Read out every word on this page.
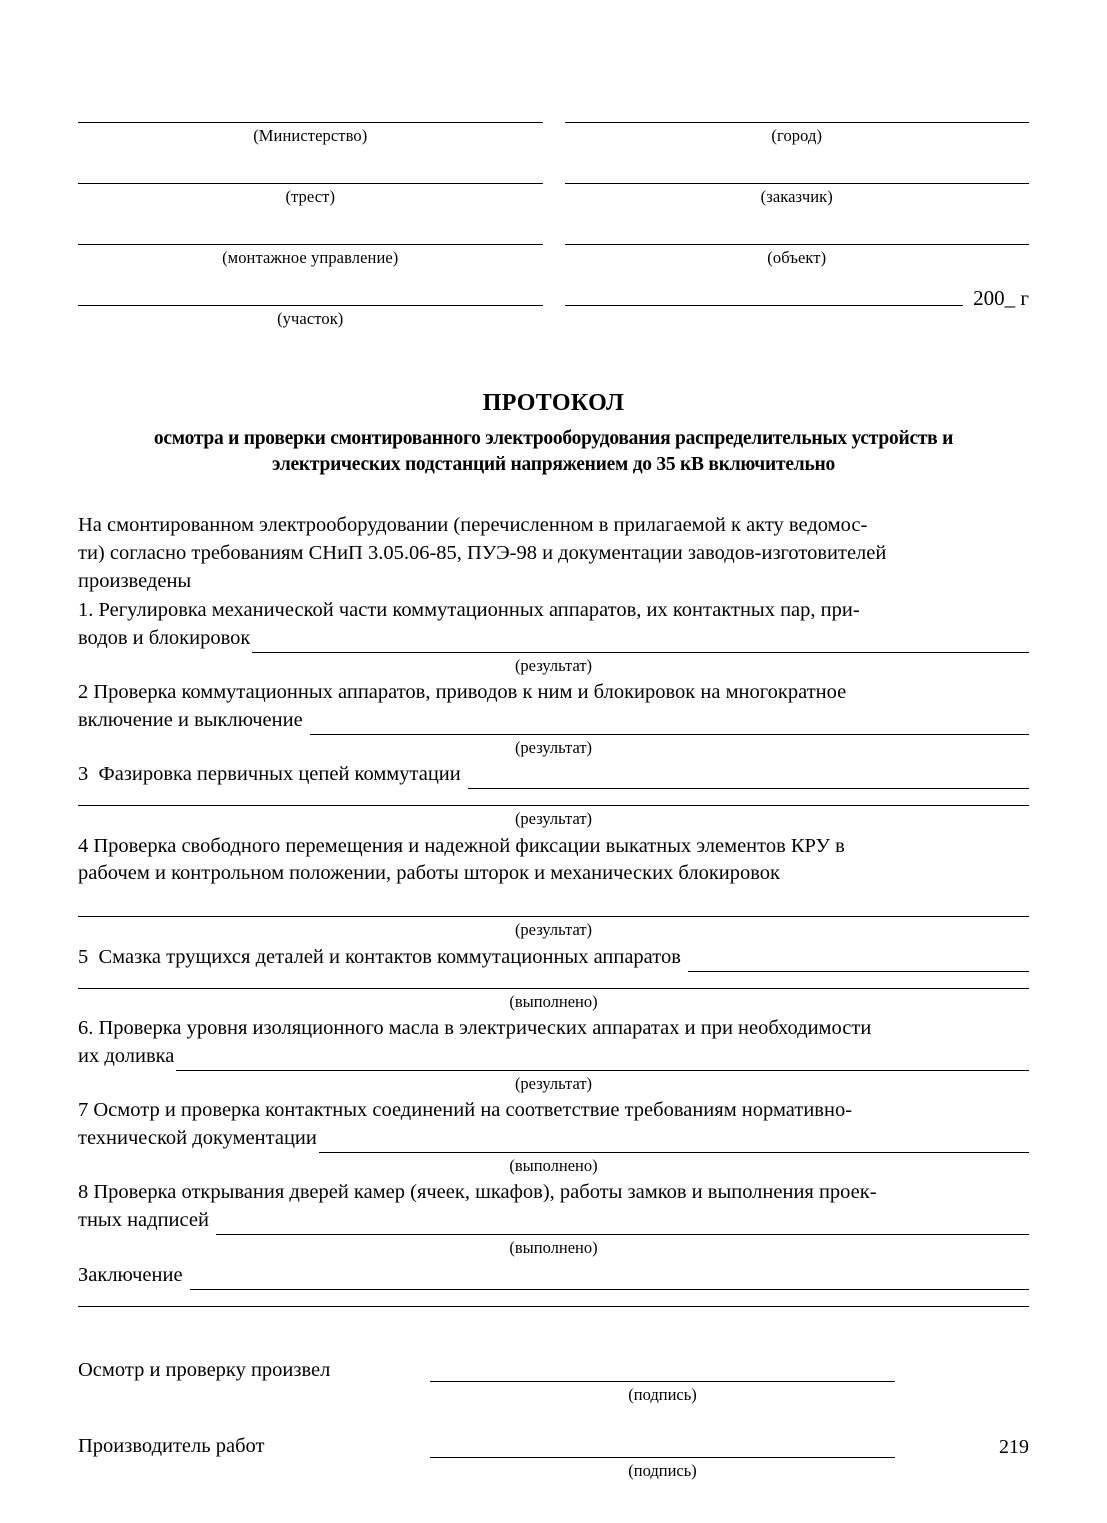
(Министерство)
(трест)
(монтажное управление)
(участок)
(город)
(заказчик)
(объект)
200_ г
ПРОТОКОЛ
осмотра и проверки смонтированного электрооборудования распределительных устройств и
электрических подстанций напряжением до 35 кВ включительно
На смонтированном электрооборудовании (перечисленном в прилагаемой к акту ведомос-
ти) согласно требованиям СНиП 3.05.06-85, ПУЭ-98 и документации заводов-изготовителей
произведены
1. Регулировка механической части коммутационных аппаратов, их контактных пар, при-
водов и блокировок
(результат)
2 Проверка коммутационных аппаратов, приводов к ним и блокировок на многократное
включение и выключение
(результат)
3  Фазировка первичных цепей коммутации
(результат)
4 Проверка свободного перемещения и надежной фиксации выкатных элементов КРУ в
рабочем и контрольном положении, работы шторок и механических блокировок
(результат)
5  Смазка трущихся деталей и контактов коммутационных аппаратов
(выполнено)
6. Проверка уровня изоляционного масла в электрических аппаратах и при необходимости
их доливка
(результат)
7 Осмотр и проверка контактных соединений на соответствие требованиям нормативно-
технической документации
(выполнено)
8 Проверка открывания дверей камер (ячеек, шкафов), работы замков и выполнения проек-
тных надписей
(выполнено)
Заключение
Осмотр и проверку произвел
(подпись)
Производитель работ
(подпись)
219
